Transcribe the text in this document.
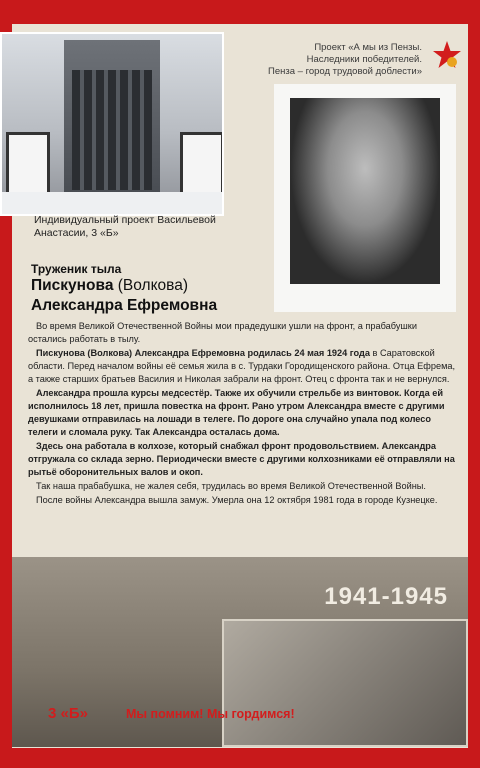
Проект «А мы из Пензы.
Наследники победителей.
Пенза – город трудовой доблести»
Индивидуальный проект Васильевой
Анастасии, 3 «Б»
Труженик тыла
Пискунова (Волкова)
Александра Ефремовна

Во время Великой Отечественной Войны мои прадедушки ушли на фронт, а прабабушки остались работать в тылу.

Пискунова (Волкова) Александра Ефремовна родилась 24 мая 1924 года в Саратовской области. Перед началом войны её семья жила в с. Турдаки Городищенского района. Отца Ефрема, а также старших братьев Василия и Николая забрали на фронт. Отец с фронта так и не вернулся.

Александра прошла курсы медсестёр. Также их обучили стрельбе из винтовок. Когда ей исполнилось 18 лет, пришла повестка на фронт. Рано утром Александра вместе с другими девушками отправилась на лошади в телеге. По дороге она случайно упала под колесо телеги и сломала руку. Так Александра осталась дома.

Здесь она работала в колхозе, который снабжал фронт продовольствием. Александра отгружала со склада зерно. Периодически вместе с другими колхозниками её отправляли на рытьё оборонительных валов и окоп.

Так наша прабабушка, не жалея себя, трудилась во время Великой Отечественной Войны.

После войны Александра вышла замуж. Умерла она 12 октября 1981 года в городе Кузнецке.

1941-1945
3 «Б»	Мы помним! Мы гордимся!
